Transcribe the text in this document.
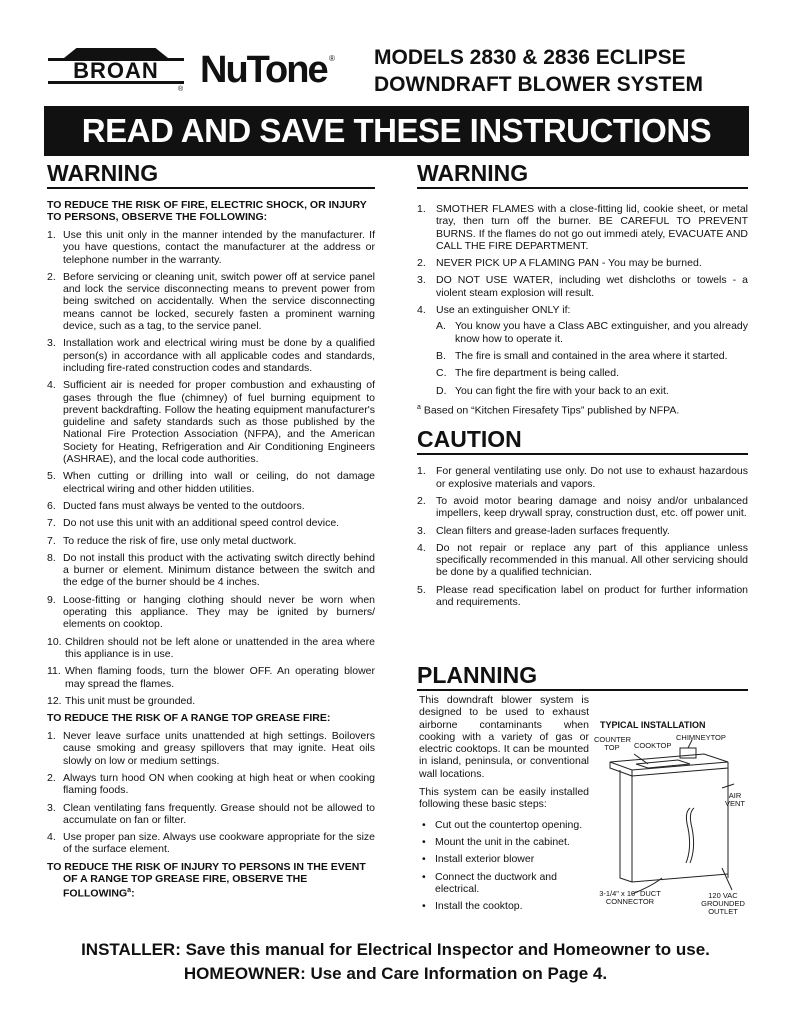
BROAN
® NuTone ® MODELS 2830 & 2836 ECLIPSE
DOWNDRAFT BLOWER SYSTEM
READ AND SAVE THESE INSTRUCTIONS
WARNING
TO REDUCE THE RISK OF FIRE, ELECTRIC SHOCK, OR INJURY TO PERSONS, OBSERVE THE FOLLOWING:
1. Use this unit only in the manner intended by the manufacturer. If you have questions, contact the manufacturer at the address or telephone number in the warranty.
2. Before servicing or cleaning unit, switch power off at service panel and lock the service disconnecting means to prevent power from being switched on accidentally. When the service disconnecting means cannot be locked, securely fasten a prominent warning device, such as a tag, to the service panel.
3. Installation work and electrical wiring must be done by a qualified person(s) in accordance with all applicable codes and standards, including fire-rated construction codes and standards.
4. Sufficient air is needed for proper combustion and exhausting of gases through the flue (chimney) of fuel burning equipment to prevent backdrafting. Follow the heating equipment manufacturer's guideline and safety standards such as those published by the National Fire Protection Association (NFPA), and the American Society for Heating, Refrigeration and Air Conditioning Engineers (ASHRAE), and the local code authorities.
5. When cutting or drilling into wall or ceiling, do not damage electrical wiring and other hidden utilities.
6. Ducted fans must always be vented to the outdoors.
7. Do not use this unit with an additional speed control device.
7. To reduce the risk of fire, use only metal ductwork.
8. Do not install this product with the activating switch directly behind a burner or element. Minimum distance between the switch and the edge of the burner should be 4 inches.
9. Loose-fitting or hanging clothing should never be worn when operating this appliance. They may be ignited by burners/ elements on cooktop.
10. Children should not be left alone or unattended in the area where this appliance is in use.
11. When flaming foods, turn the blower OFF. An operating blower may spread the flames.
12. This unit must be grounded.
TO REDUCE THE RISK OF A RANGE TOP GREASE FIRE:
1. Never leave surface units unattended at high settings. Boilovers cause smoking and greasy spillovers that may ignite. Heat oils slowly on low or medium settings.
2. Always turn hood ON when cooking at high heat or when cooking flaming foods.
3. Clean ventilating fans frequently. Grease should not be allowed to accumulate on fan or filter.
4. Use proper pan size. Always use cookware appropriate for the size of the surface element.
TO REDUCE THE RISK OF INJURY TO PERSONS IN THE EVENT OF A RANGE TOP GREASE FIRE, OBSERVE THE FOLLOWING$^a$:
WARNING
1. SMOTHER FLAMES with a close-fitting lid, cookie sheet, or metal tray, then turn off the burner. BE CAREFUL TO PREVENT BURNS. If the flames do not go out immedi ately, EVACUATE AND CALL THE FIRE DEPARTMENT.
2. NEVER PICK UP A FLAMING PAN - You may be burned.
3. DO NOT USE WATER, including wet dishcloths or towels - a violent steam explosion will result.
4. Use an extinguisher ONLY if:
A. You know you have a Class ABC extinguisher, and you already know how to operate it.
B. The fire is small and contained in the area where it started.
C. The fire department is being called.
D. You can fight the fire with your back to an exit.
$^a$ Based on “Kitchen Firesafety Tips” published by NFPA.
CAUTION
1. For general ventilating use only. Do not use to exhaust hazardous or explosive materials and vapors.
2. To avoid motor bearing damage and noisy and/or unbalanced impellers, keep drywall spray, construction dust, etc. off power unit.
3. Clean filters and grease-laden surfaces frequently.
4. Do not repair or replace any part of this appliance unless specifically recommended in this manual. All other servicing should be done by a qualified technician.
5. Please read specification label on product for further information and requirements.
PLANNING

This downdraft blower system is designed to be used to exhaust airborne contaminants when cooking with a variety of gas or electric cooktops. It can be mounted in island, peninsula, or conventional wall locations.

This system can be easily installed following these basic steps:

• Cut out the countertop opening.
• Mount the unit in the cabinet.
• Install exterior blower
• Connect the ductwork and electrical.
• Install the cooktop.
TYPICAL INSTALLATION
COUNTER TOP	COOKTOP
CHIMNEYTOP
AIR VENT
3-1/4" x 10" DUCT CONNECTOR
120 VAC GROUNDED OUTLET
INSTALLER: Save this manual for Electrical Inspector and Homeowner to use.
HOMEOWNER: Use and Care Information on Page 4.
